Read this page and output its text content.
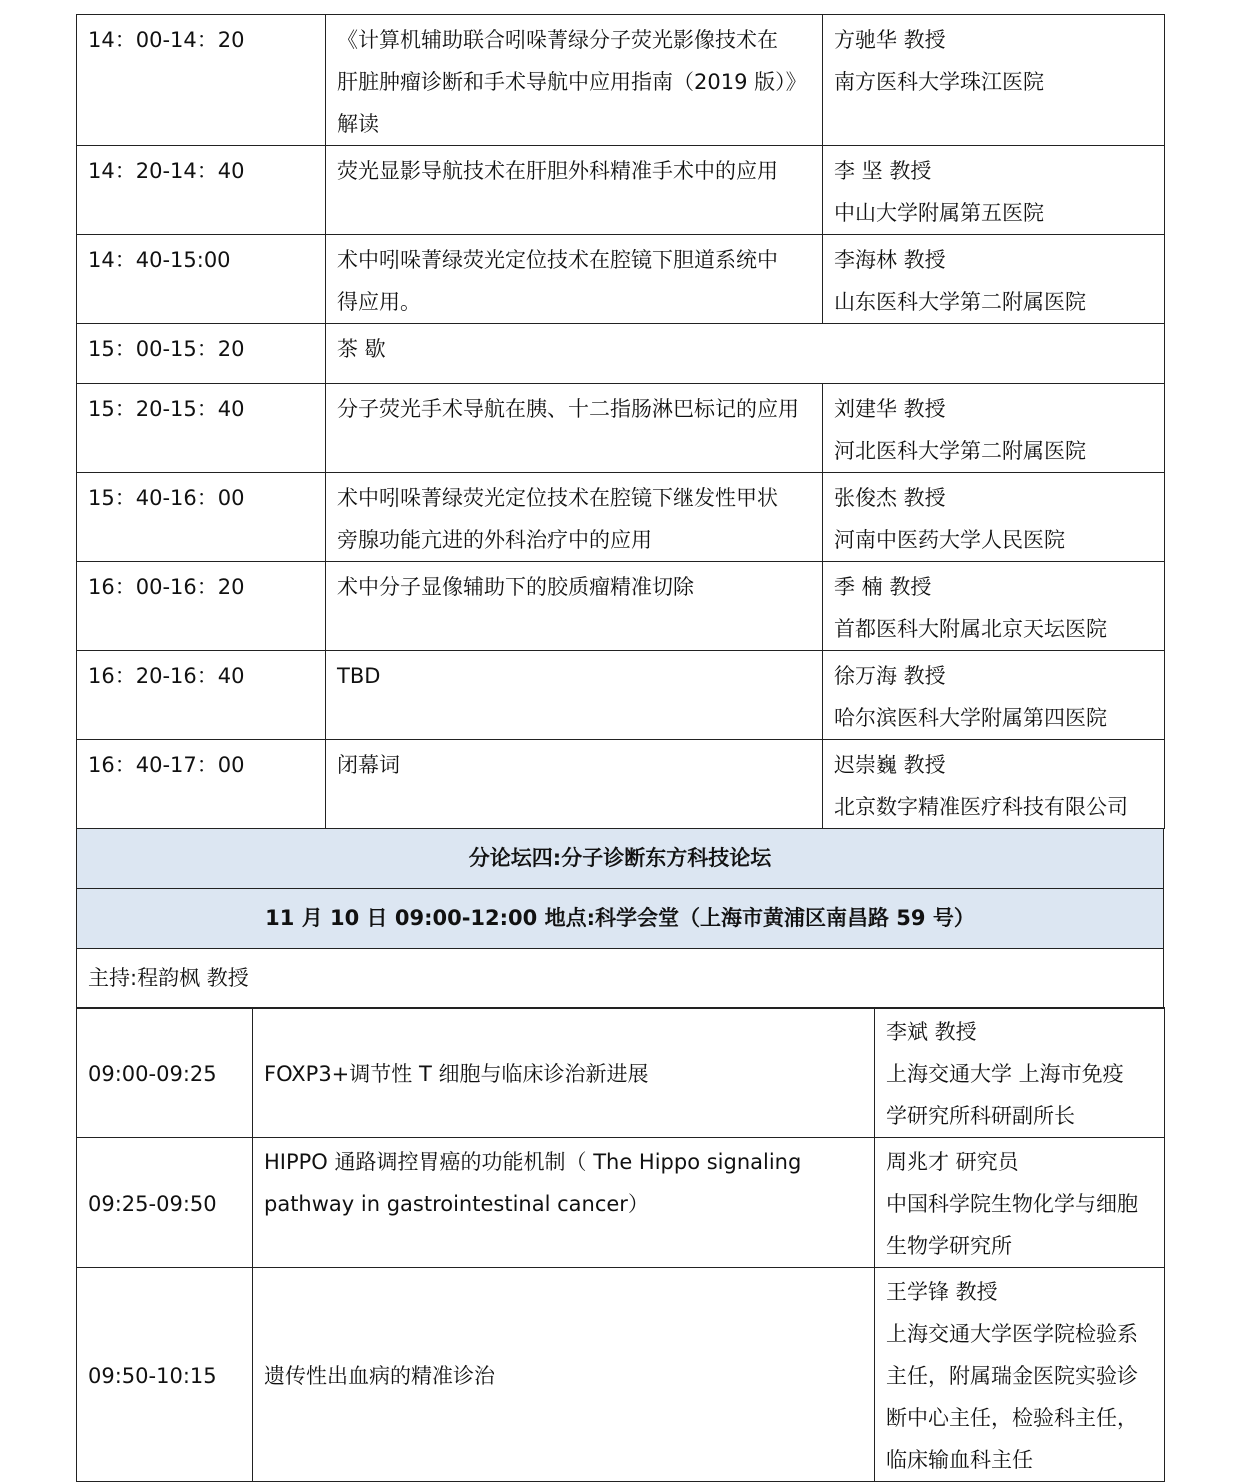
14：00-14：20	《计算机辅助联合吲哚菁绿分子荧光影像技术在
肝脏肿瘤诊断和手术导航中应用指南（2019 版）》
解读	方驰华 教授
南方医科大学珠江医院

14：20-14：40	荧光显影导航技术在肝胆外科精准手术中的应用	李 坚 教授
中山大学附属第五医院

14：40-15:00	术中吲哚菁绿荧光定位技术在腔镜下胆道系统中
得应用。	李海林 教授
山东医科大学第二附属医院

15：00-15：20	茶 歇	

15：20-15：40	分子荧光手术导航在胰、十二指肠淋巴标记的应用	刘建华 教授
河北医科大学第二附属医院

15：40-16：00	术中吲哚菁绿荧光定位技术在腔镜下继发性甲状
旁腺功能亢进的外科治疗中的应用	张俊杰 教授
河南中医药大学人民医院

16：00-16：20	术中分子显像辅助下的胶质瘤精准切除	季 楠 教授
首都医科大附属北京天坛医院

16：20-16：40	TBD	徐万海 教授
哈尔滨医科大学附属第四医院

16：40-17：00	闭幕词	迟崇巍 教授
北京数字精准医疗科技有限公司
分论坛四:分子诊断东方科技论坛
11 月 10 日 09:00-12:00 地点:科学会堂（上海市黄浦区南昌路 59 号）
主持:程韵枫 教授
09:00-09:25	FOXP3+调节性 T 细胞与临床诊治新进展	李斌 教授
上海交通大学 上海市免疫
学研究所科研副所长

09:25-09:50	HIPPO 通路调控胃癌的功能机制（ The Hippo signaling
pathway in gastrointestinal cancer）	周兆才 研究员
中国科学院生物化学与细胞
生物学研究所

09:50-10:15	遗传性出血病的精准诊治	王学锋 教授
上海交通大学医学院检验系
主任，附属瑞金医院实验诊
断中心主任，检验科主任，
临床输血科主任
